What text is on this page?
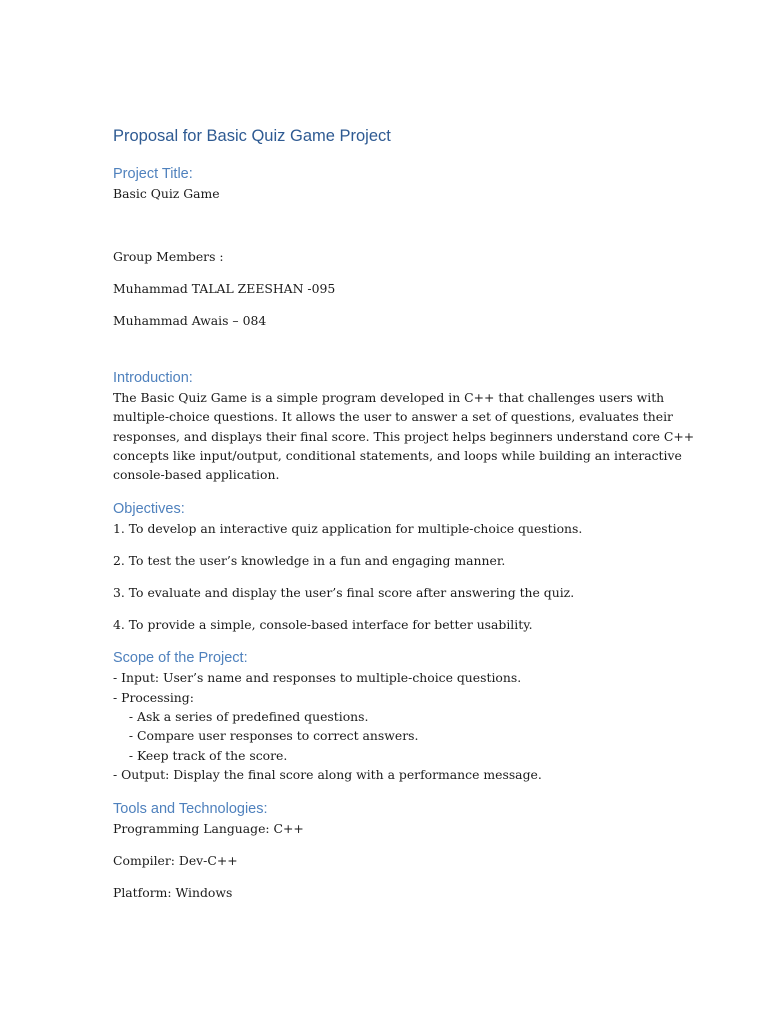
Proposal for Basic Quiz Game Project
Project Title:

Basic Quiz Game

Group Members :

Muhammad TALAL ZEESHAN -095

Muhammad Awais – 084

Introduction:

The Basic Quiz Game is a simple program developed in C++ that challenges users with
multiple-choice questions. It allows the user to answer a set of questions, evaluates their
responses, and displays their final score. This project helps beginners understand core C++
concepts like input/output, conditional statements, and loops while building an interactive
console-based application.

Objectives:

1. To develop an interactive quiz application for multiple-choice questions.

2. To test the user’s knowledge in a fun and engaging manner.

3. To evaluate and display the user’s final score after answering the quiz.

4. To provide a simple, console-based interface for better usability.

Scope of the Project:

- Input: User’s name and responses to multiple-choice questions.
- Processing:
- Ask a series of predefined questions.
- Compare user responses to correct answers.
- Keep track of the score.
- Output: Display the final score along with a performance message.

Tools and Technologies:

Programming Language: C++

Compiler: Dev-C++

Platform: Windows
